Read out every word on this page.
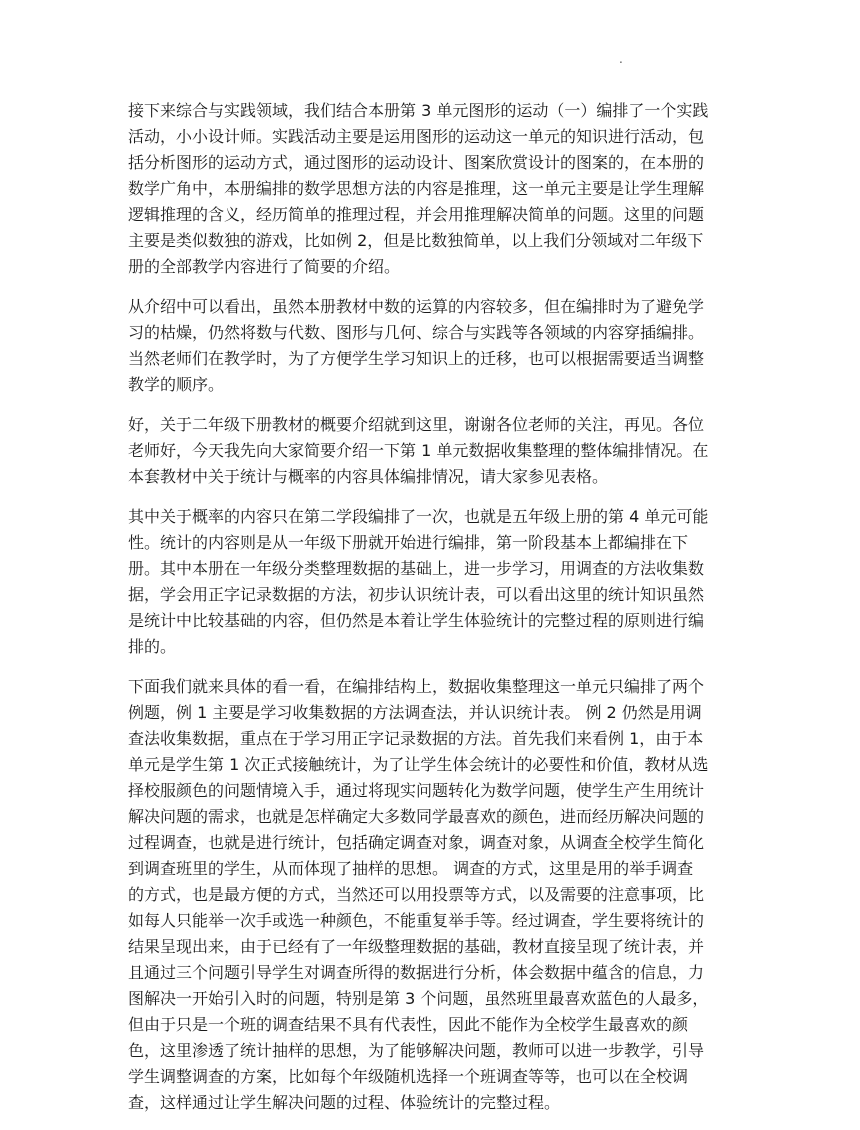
.

接下来综合与实践领域，我们结合本册第 3 单元图形的运动（一）编排了一个实践
活动，小小设计师。实践活动主要是运用图形的运动这一单元的知识进行活动，包
括分析图形的运动方式，通过图形的运动设计、图案欣赏设计的图案的，在本册的
数学广角中，本册编排的数学思想方法的内容是推理，这一单元主要是让学生理解
逻辑推理的含义，经历简单的推理过程，并会用推理解决简单的问题。这里的问题
主要是类似数独的游戏，比如例 2，但是比数独简单，以上我们分领域对二年级下
册的全部教学内容进行了简要的介绍。

从介绍中可以看出，虽然本册教材中数的运算的内容较多，但在编排时为了避免学
习的枯燥，仍然将数与代数、图形与几何、综合与实践等各领域的内容穿插编排。
当然老师们在教学时，为了方便学生学习知识上的迁移，也可以根据需要适当调整
教学的顺序。

好，关于二年级下册教材的概要介绍就到这里，谢谢各位老师的关注，再见。各位
老师好，今天我先向大家简要介绍一下第 1 单元数据收集整理的整体编排情况。在
本套教材中关于统计与概率的内容具体编排情况，请大家参见表格。

其中关于概率的内容只在第二学段编排了一次，也就是五年级上册的第 4 单元可能
性。统计的内容则是从一年级下册就开始进行编排，第一阶段基本上都编排在下
册。其中本册在一年级分类整理数据的基础上，进一步学习，用调查的方法收集数
据，学会用正字记录数据的方法，初步认识统计表，可以看出这里的统计知识虽然
是统计中比较基础的内容，但仍然是本着让学生体验统计的完整过程的原则进行编
排的。

下面我们就来具体的看一看，在编排结构上，数据收集整理这一单元只编排了两个
例题，例 1 主要是学习收集数据的方法调查法，并认识统计表。 例 2 仍然是用调
查法收集数据，重点在于学习用正字记录数据的方法。首先我们来看例 1，由于本
单元是学生第 1 次正式接触统计，为了让学生体会统计的必要性和价值，教材从选
择校服颜色的问题情境入手，通过将现实问题转化为数学问题，使学生产生用统计
解决问题的需求，也就是怎样确定大多数同学最喜欢的颜色，进而经历解决问题的
过程调查，也就是进行统计，包括确定调查对象，调查对象，从调查全校学生简化
到调查班里的学生，从而体现了抽样的思想。 调查的方式，这里是用的举手调查
的方式，也是最方便的方式，当然还可以用投票等方式，以及需要的注意事项，比
如每人只能举一次手或选一种颜色，不能重复举手等。经过调查，学生要将统计的
结果呈现出来，由于已经有了一年级整理数据的基础，教材直接呈现了统计表，并
且通过三个问题引导学生对调查所得的数据进行分析，体会数据中蕴含的信息，力
图解决一开始引入时的问题，特别是第 3 个问题，虽然班里最喜欢蓝色的人最多，
但由于只是一个班的调查结果不具有代表性，因此不能作为全校学生最喜欢的颜
色，这里渗透了统计抽样的思想，为了能够解决问题，教师可以进一步教学，引导
学生调整调查的方案，比如每个年级随机选择一个班调查等等，也可以在全校调
查，这样通过让学生解决问题的过程、体验统计的完整过程。
